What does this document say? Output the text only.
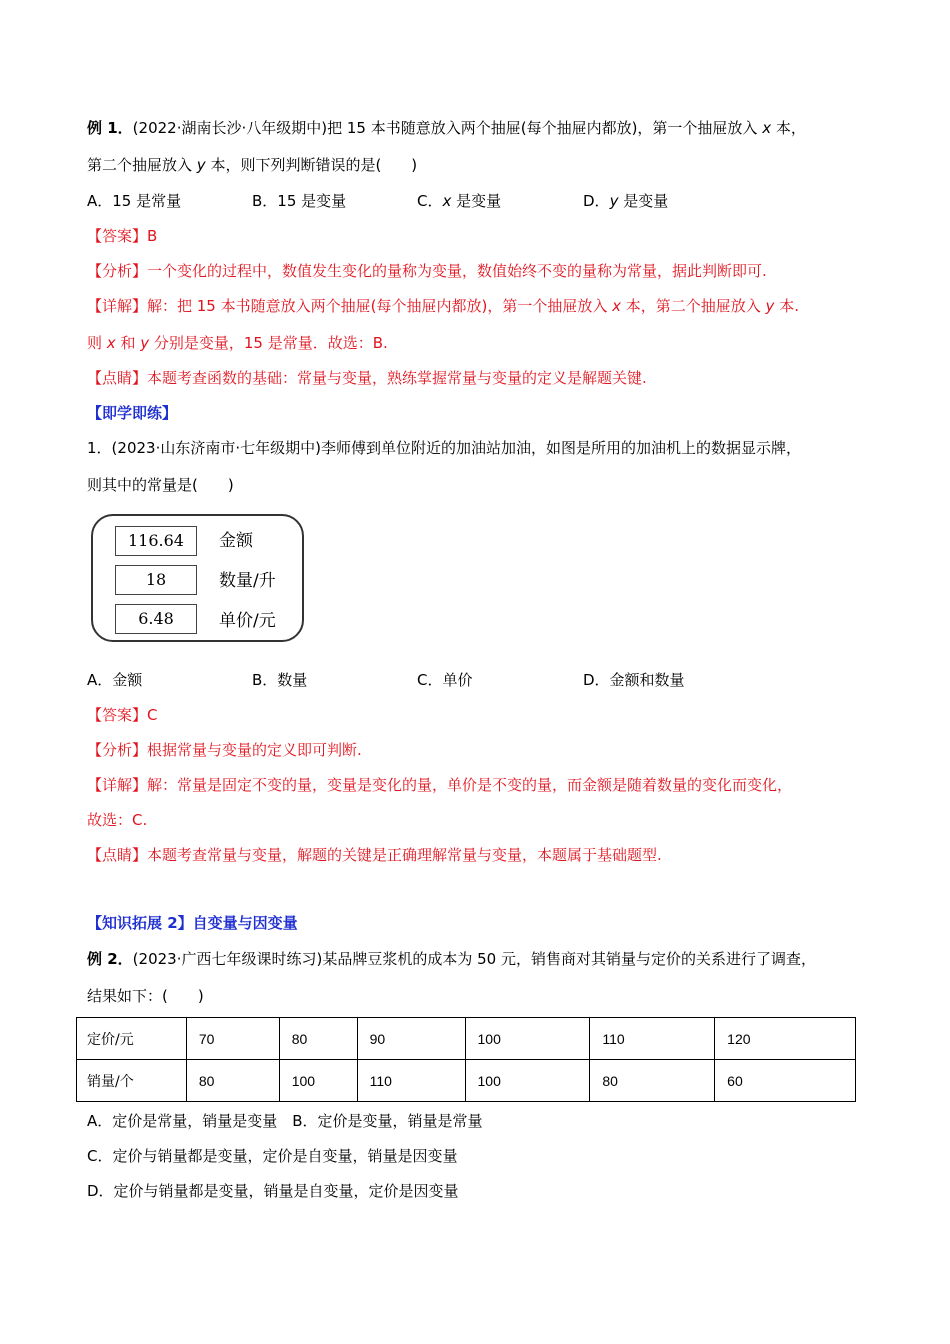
例 1．(2022·湖南长沙·八年级期中)把 15 本书随意放入两个抽屉(每个抽屉内都放)，第一个抽屉放入 x 本，
第二个抽屉放入 y 本，则下列判断错误的是(　　)
A．15 是常量	B．15 是变量	C．x 是变量	D．y 是变量
【答案】B
【分析】一个变化的过程中，数值发生变化的量称为变量，数值始终不变的量称为常量，据此判断即可.
【详解】解：把 15 本书随意放入两个抽屉(每个抽屉内都放)，第一个抽屉放入 x 本，第二个抽屉放入 y 本.
则 x 和 y 分别是变量，15 是常量．故选：B.
【点睛】本题考查函数的基础：常量与变量，熟练掌握常量与变量的定义是解题关键.
【即学即练】
1．(2023·山东济南市·七年级期中)李师傅到单位附近的加油站加油，如图是所用的加油机上的数据显示牌，
则其中的常量是(　　)
116.64	金额
18	数量/升
6.48	单价/元
A．金额	B．数量	C．单价	D．金额和数量
【答案】C
【分析】根据常量与变量的定义即可判断.
【详解】解：常量是固定不变的量，变量是变化的量，单价是不变的量，而金额是随着数量的变化而变化，
故选：C.
【点睛】本题考查常量与变量，解题的关键是正确理解常量与变量，本题属于基础题型.
【知识拓展 2】自变量与因变量
例 2．(2023·广西七年级课时练习)某品牌豆浆机的成本为 50 元，销售商对其销量与定价的关系进行了调查，
结果如下：(　　)
定价/元	70	80	90	100	110	120
销量/个	80	100	110	100	80	60
A．定价是常量，销量是变量　B．定价是变量，销量是常量
C．定价与销量都是变量，定价是自变量，销量是因变量
D．定价与销量都是变量，销量是自变量，定价是因变量
